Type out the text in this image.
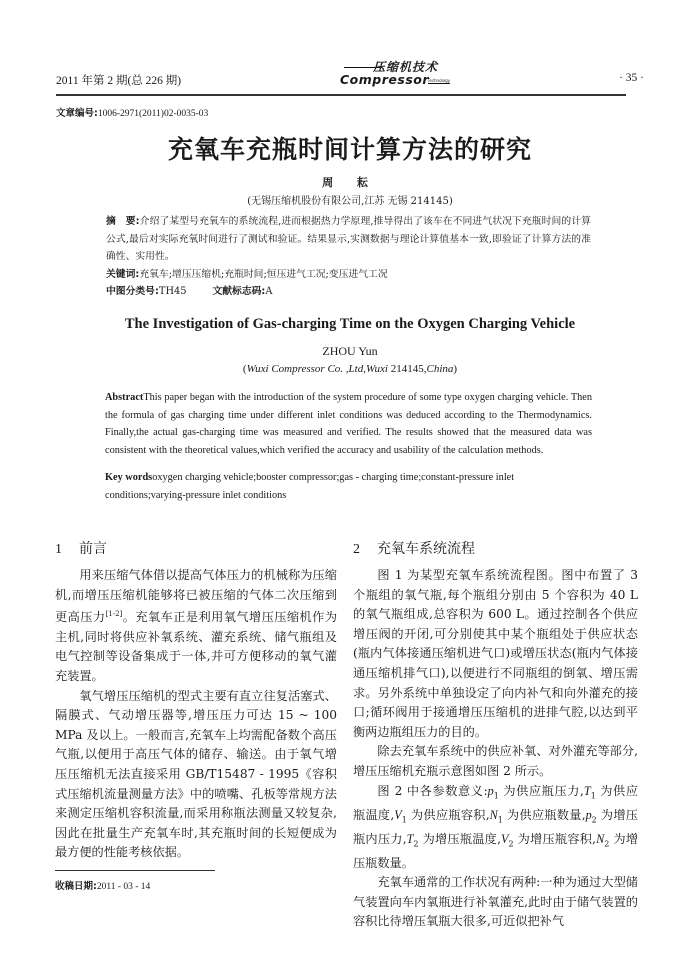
2011 年第 2 期(总 226 期)
压缩机技术
Compressor
Technology	· 35 ·
文章编号:1006-2971(2011)02-0035-03
充氧车充瓶时间计算方法的研究
周 耘
(无锡压缩机股份有限公司,江苏 无锡 214145)
摘　要:介绍了某型号充氧车的系统流程,进而根据热力学原理,推导得出了该车在不同进气状况下充瓶时间的计算公式,最后对实际充氧时间进行了测试和验证。结果显示,实测数据与理论计算值基本一致,即验证了计算方法的准确性、实用性。
关键词:充氧车;增压压缩机;充瓶时间;恒压进气工况;变压进气工况
中图分类号:TH45	文献标志码:A
The Investigation of Gas-charging Time on the Oxygen Charging Vehicle
ZHOU Yun
(Wuxi Compressor Co. ,Ltd,Wuxi 214145,China)
AbstractThis paper began with the introduction of the system procedure of some type oxygen charging vehicle. Then the formula of gas charging time under different inlet conditions was deduced according to the Thermodynamics. Finally,the actual gas-charging time was measured and verified. The results showed that the measured data was consistent with the theoretical values,which verified the accuracy and usability of the calculation methods.
Key wordsoxygen charging vehicle;booster compressor;gas - charging time;constant-pressure inlet conditions;varying-pressure inlet conditions
1 前言

用来压缩气体借以提高气体压力的机械称为压缩机,而增压压缩机能够将已被压缩的气体二次压缩到更高压力[1-2]。充氧车正是利用氧气增压压缩机作为主机,同时将供应补氧系统、灌充系统、储气瓶组及电气控制等设备集成于一体,并可方便移动的氧气灌充装置。

氧气增压压缩机的型式主要有直立往复活塞式、隔膜式、气动增压器等,增压压力可达 15 ~ 100 MPa 及以上。一般而言,充氧车上均需配备数个高压气瓶,以便用于高压气体的储存、输送。由于氧气增压压缩机无法直接采用 GB/T15487 - 1995《容积式压缩机流量测量方法》中的喷嘴、孔板等常规方法来测定压缩机容积流量,而采用称瓶法测量又较复杂,因此在批量生产充氧车时,其充瓶时间的长短便成为最方便的性能考核依据。

收稿日期:2011 - 03 - 14
2 充氧车系统流程

图 1 为某型充氧车系统流程图。图中布置了 3 个瓶组的氧气瓶,每个瓶组分别由 5 个容积为 40 L 的氧气瓶组成,总容积为 600 L。通过控制各个供应增压阀的开闭,可分别使其中某个瓶组处于供应状态(瓶内气体接通压缩机进气口)或增压状态(瓶内气体接通压缩机排气口),以便进行不同瓶组的倒氧、增压需求。另外系统中单独设定了向内补气和向外灌充的接口;循环阀用于接通增压压缩机的进排气腔,以达到平衡两边瓶组压力的目的。

除去充氧车系统中的供应补氧、对外灌充等部分,增压压缩机充瓶示意图如图 2 所示。

图 2 中各参数意义$:p_1$ 为供应瓶压力$,T_1$ 为供应瓶温度$,V_1$ 为供应瓶容积$,N_1$ 为供应瓶数量$,p_2$ 为增压瓶内压力$,T_2$ 为增压瓶温度$,V_2$ 为增压瓶容积$,N_2$ 为增压瓶数量。

充氧车通常的工作状况有两种:一种为通过大型储气装置向车内氧瓶进行补氧灌充,此时由于储气装置的容积比待增压氧瓶大很多,可近似把补气
